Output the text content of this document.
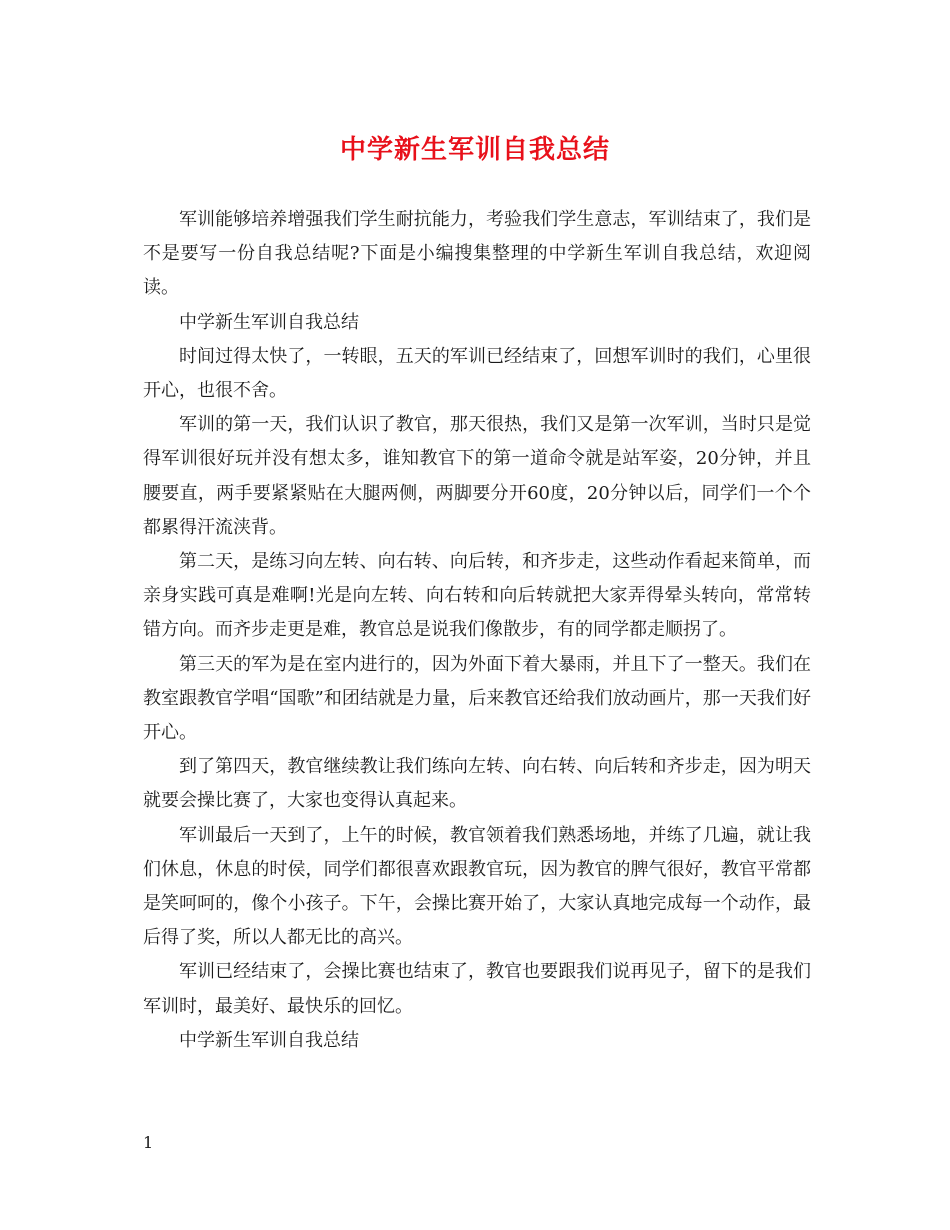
中学新生军训自我总结

军训能够培养增强我们学生耐抗能力，考验我们学生意志，军训结束了，我们是不是要写一份自我总结呢?下面是小编搜集整理的中学新生军训自我总结，欢迎阅读。

中学新生军训自我总结

时间过得太快了，一转眼，五天的军训已经结束了，回想军训时的我们，心里很开心，也很不舍。

军训的第一天，我们认识了教官，那天很热，我们又是第一次军训，当时只是觉得军训很好玩并没有想太多，谁知教官下的第一道命令就是站军姿，20分钟，并且腰要直，两手要紧紧贴在大腿两侧，两脚要分开60度，20分钟以后，同学们一个个都累得汗流浃背。

第二天，是练习向左转、向右转、向后转，和齐步走，这些动作看起来简单，而亲身实践可真是难啊!光是向左转、向右转和向后转就把大家弄得晕头转向，常常转错方向。而齐步走更是难，教官总是说我们像散步，有的同学都走顺拐了。

第三天的军为是在室内进行的，因为外面下着大暴雨，并且下了一整天。我们在教室跟教官学唱“国歌”和团结就是力量，后来教官还给我们放动画片，那一天我们好开心。

到了第四天，教官继续教让我们练向左转、向右转、向后转和齐步走，因为明天就要会操比赛了，大家也变得认真起来。

军训最后一天到了，上午的时候，教官领着我们熟悉场地，并练了几遍，就让我们休息，休息的时侯，同学们都很喜欢跟教官玩，因为教官的脾气很好，教官平常都是笑呵呵的，像个小孩子。下午，会操比赛开始了，大家认真地完成每一个动作，最后得了奖，所以人都无比的高兴。

军训已经结束了，会操比赛也结束了，教官也要跟我们说再见子，留下的是我们军训时，最美好、最快乐的回忆。

中学新生军训自我总结

1
